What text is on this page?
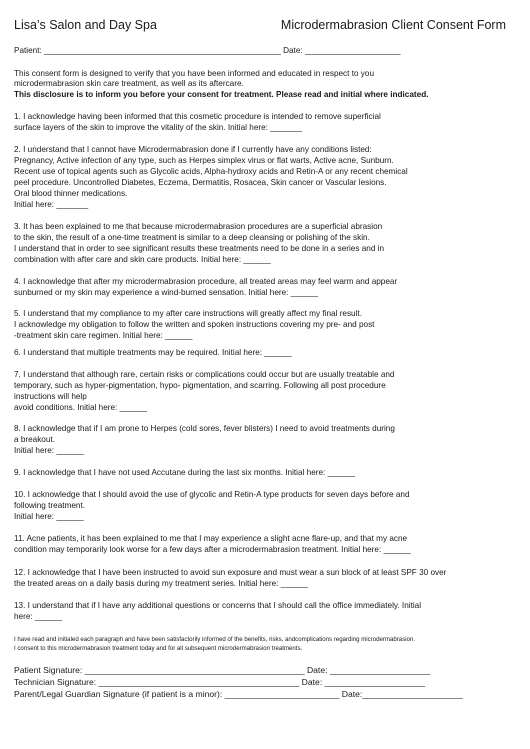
Lisa’s Salon and Day Spa	Microdermabrasion Client Consent Form
Patient: ____________________________________________________ Date: _____________________
This consent form is designed to verify that you have been informed and educated in respect to you
microdermabrasion skin care treatment, as well as its aftercare.
This disclosure is to inform you before your consent for treatment. Please read and initial where indicated.
1. I acknowledge having been informed that this cosmetic procedure is intended to remove superficial
surface layers of the skin to improve the vitality of the skin. Initial here: _______
2. I understand that I cannot have Microdermabrasion done if I currently have any conditions listed:
Pregnancy, Active infection of any type, such as Herpes simplex virus or flat warts, Active acne, Sunburn.
Recent use of topical agents such as Glycolic acids, Alpha-hydroxy acids and Retin-A or any recent chemical
peel procedure. Uncontrolled Diabetes, Eczema, Dermatitis, Rosacea, Skin cancer or Vascular lesions.
Oral blood thinner medications.
Initial here: _______
3. It has been explained to me that because microdermabrasion procedures are a superficial abrasion
to the skin, the result of a one-time treatment is similar to a deep cleansing or polishing of the skin.
I understand that in order to see significant results these treatments need to be done in a series and in
combination with after care and skin care products. Initial here: ______
4. I acknowledge that after my microdermabrasion procedure, all treated areas may feel warm and appear
sunburned or my skin may experience a wind-burned sensation. Initial here: ______
5. I understand that my compliance to my after care instructions will greatly affect my final result.
I acknowledge my obligation to follow the written and spoken instructions covering my pre- and post
-treatment skin care regimen. Initial here: ______
6. I understand that multiple treatments may be required. Initial here: ______
7. I understand that although rare, certain risks or complications could occur but are usually treatable and
temporary, such as hyper-pigmentation, hypo- pigmentation, and scarring. Following all post procedure
instructions will help
avoid conditions. Initial here: ______
8. I acknowledge that if I am prone to Herpes (cold sores, fever blisters) I need to avoid treatments during
a breakout.
Initial here: ______
9. I acknowledge that I have not used Accutane during the last six months. Initial here: ______
10. I acknowledge that I should avoid the use of glycolic and Retin-A type products for seven days before and
following treatment.
Initial here: ______
11. Acne patients, it has been explained to me that I may experience a slight acne flare-up, and that my acne
condition may temporarily look worse for a few days after a microdermabrasion treatment. Initial here: ______
12. I acknowledge that I have been instructed to avoid sun exposure and must wear a sun block of at least SPF 30 over
the treated areas on a daily basis during my treatment series. Initial here: ______
13. I understand that if I have any additional questions or concerns that I should call the office immediately. Initial
here: ______
I have read and initialed each paragraph and have been satisfactorily informed of the benefits, risks, andcomplications regarding microdermabrasion.
I consent to this microdermabrasion treatment today and for all subsequent microdermabrasion treatments.
Patient Signature: ______________________________________________ Date: _____________________
Technician Signature: __________________________________________ Date: _____________________
Parent/Legal Guardian Signature (if patient is a minor): ________________________ Date:_____________________
